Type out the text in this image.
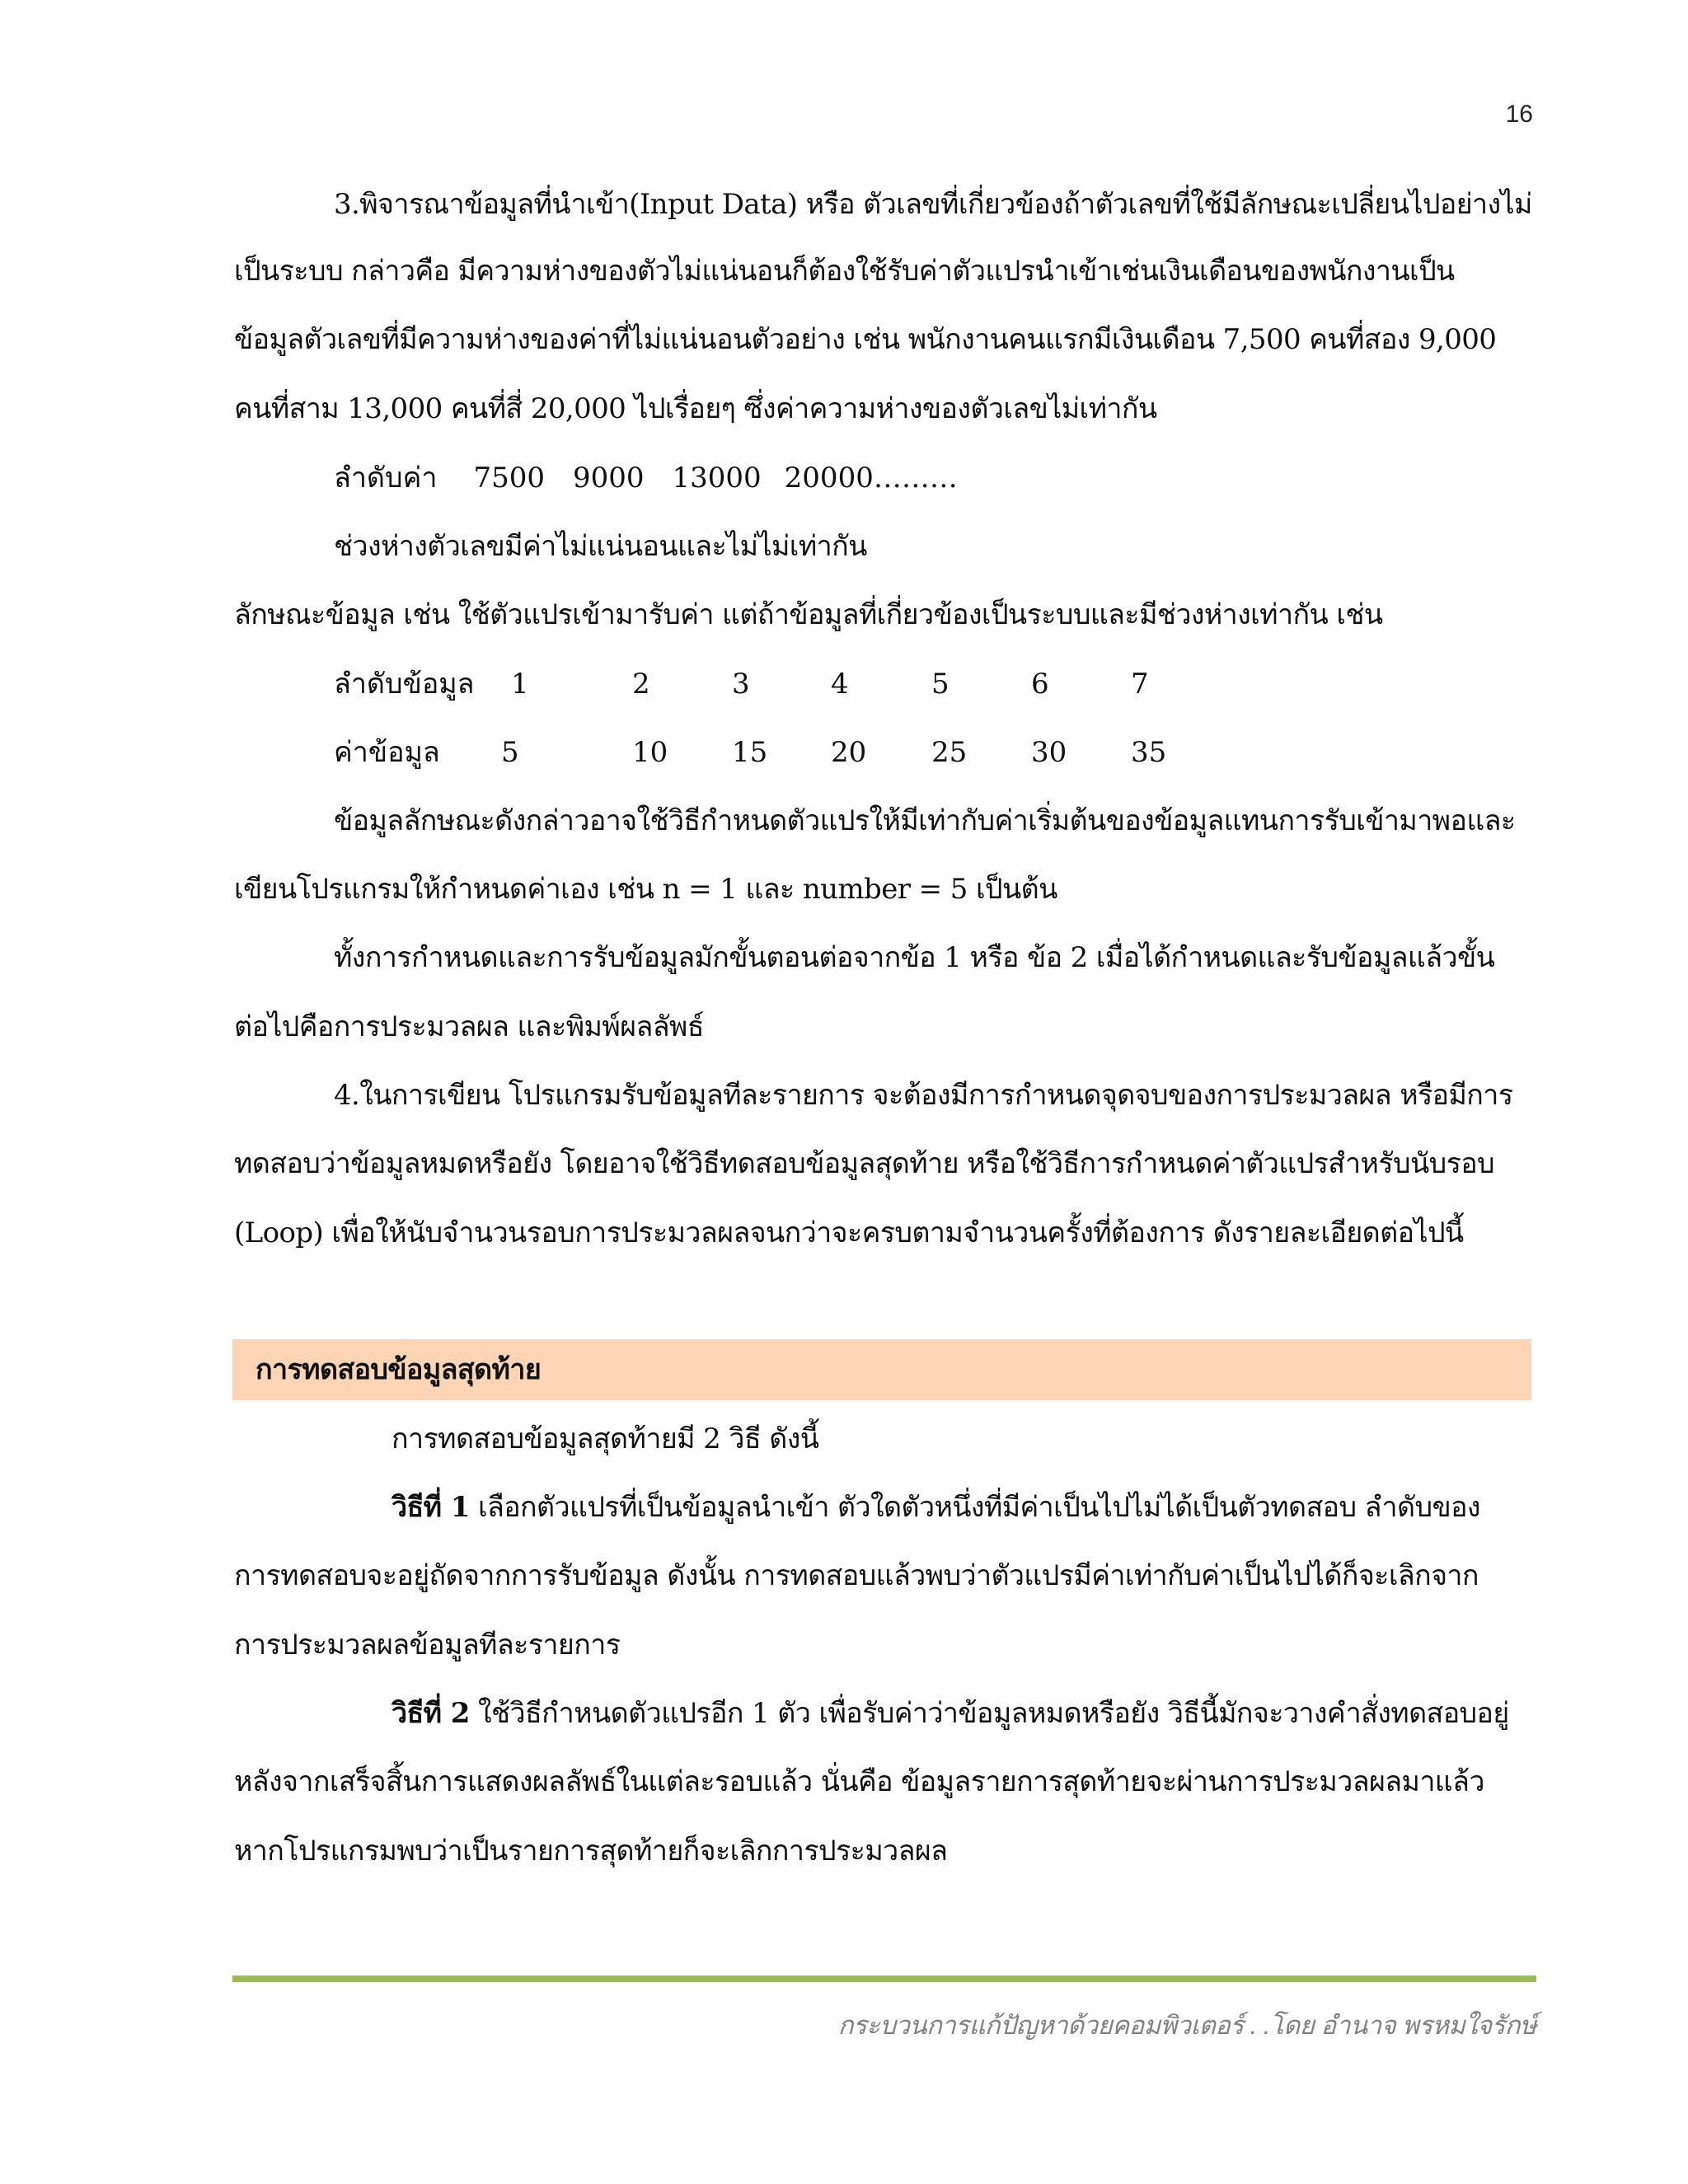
16
3.พิจารณาข้อมูลที่นำเข้า(Input Data) หรือ ตัวเลขที่เกี่ยวข้องถ้าตัวเลขที่ใช้มีลักษณะเปลี่ยนไปอย่างไม่
เป็นระบบ กล่าวคือ มีความห่างของตัวไม่แน่นอนก็ต้องใช้รับค่าตัวแปรนำเข้าเช่นเงินเดือนของพนักงานเป็น
ข้อมูลตัวเลขที่มีความห่างของค่าที่ไม่แน่นอนตัวอย่าง เช่น พนักงานคนแรกมีเงินเดือน 7,500 คนที่สอง 9,000
คนที่สาม 13,000 คนที่สี่ 20,000 ไปเรื่อยๆ ซึ่งค่าความห่างของตัวเลขไม่เท่ากัน
ลำดับค่า 7500 9000 13000 20000………
ช่วงห่างตัวเลขมีค่าไม่แน่นอนและไม่ไม่เท่ากัน
ลักษณะข้อมูล เช่น ใช้ตัวแปรเข้ามารับค่า แต่ถ้าข้อมูลที่เกี่ยวข้องเป็นระบบและมีช่วงห่างเท่ากัน เช่น
ลำดับข้อมูล 1	2	3	4	5	6	7
ค่าข้อมูล 5	10 15 20 25 30 35
ข้อมูลลักษณะดังกล่าวอาจใช้วิธีกำหนดตัวแปรให้มีเท่ากับค่าเริ่มต้นของข้อมูลแทนการรับเข้ามาพอและ
เขียนโปรแกรมให้กำหนดค่าเอง เช่น n = 1 และ number = 5 เป็นต้น
ทั้งการกำหนดและการรับข้อมูลมักขั้นตอนต่อจากข้อ 1 หรือ ข้อ 2 เมื่อได้กำหนดและรับข้อมูลแล้วขั้น
ต่อไปคือการประมวลผล และพิมพ์ผลลัพธ์
4.ในการเขียน โปรแกรมรับข้อมูลทีละรายการ จะต้องมีการกำหนดจุดจบของการประมวลผล หรือมีการ
ทดสอบว่าข้อมูลหมดหรือยัง โดยอาจใช้วิธีทดสอบข้อมูลสุดท้าย หรือใช้วิธีการกำหนดค่าตัวแปรสำหรับนับรอบ
(Loop) เพื่อให้นับจำนวนรอบการประมวลผลจนกว่าจะครบตามจำนวนครั้งที่ต้องการ ดังรายละเอียดต่อไปนี้
การทดสอบข้อมูลสุดท้าย
การทดสอบข้อมูลสุดท้ายมี 2 วิธี ดังนี้
วิธีที่ 1 เลือกตัวแปรที่เป็นข้อมูลนำเข้า ตัวใดตัวหนึ่งที่มีค่าเป็นไปไม่ได้เป็นตัวทดสอบ ลำดับของ
การทดสอบจะอยู่ถัดจากการรับข้อมูล ดังนั้น การทดสอบแล้วพบว่าตัวแปรมีค่าเท่ากับค่าเป็นไปได้ก็จะเลิกจาก
การประมวลผลข้อมูลทีละรายการ
วิธีที่ 2 ใช้วิธีกำหนดตัวแปรอีก 1 ตัว เพื่อรับค่าว่าข้อมูลหมดหรือยัง วิธีนี้มักจะวางคำสั่งทดสอบอยู่
หลังจากเสร็จสิ้นการแสดงผลลัพธ์ในแต่ละรอบแล้ว นั่นคือ ข้อมูลรายการสุดท้ายจะผ่านการประมวลผลมาแล้ว
หากโปรแกรมพบว่าเป็นรายการสุดท้ายก็จะเลิกการประมวลผล
กระบวนการแก้ปัญหาด้วยคอมพิวเตอร์ . .โดย อำนาจ พรหมใจรักษ์
